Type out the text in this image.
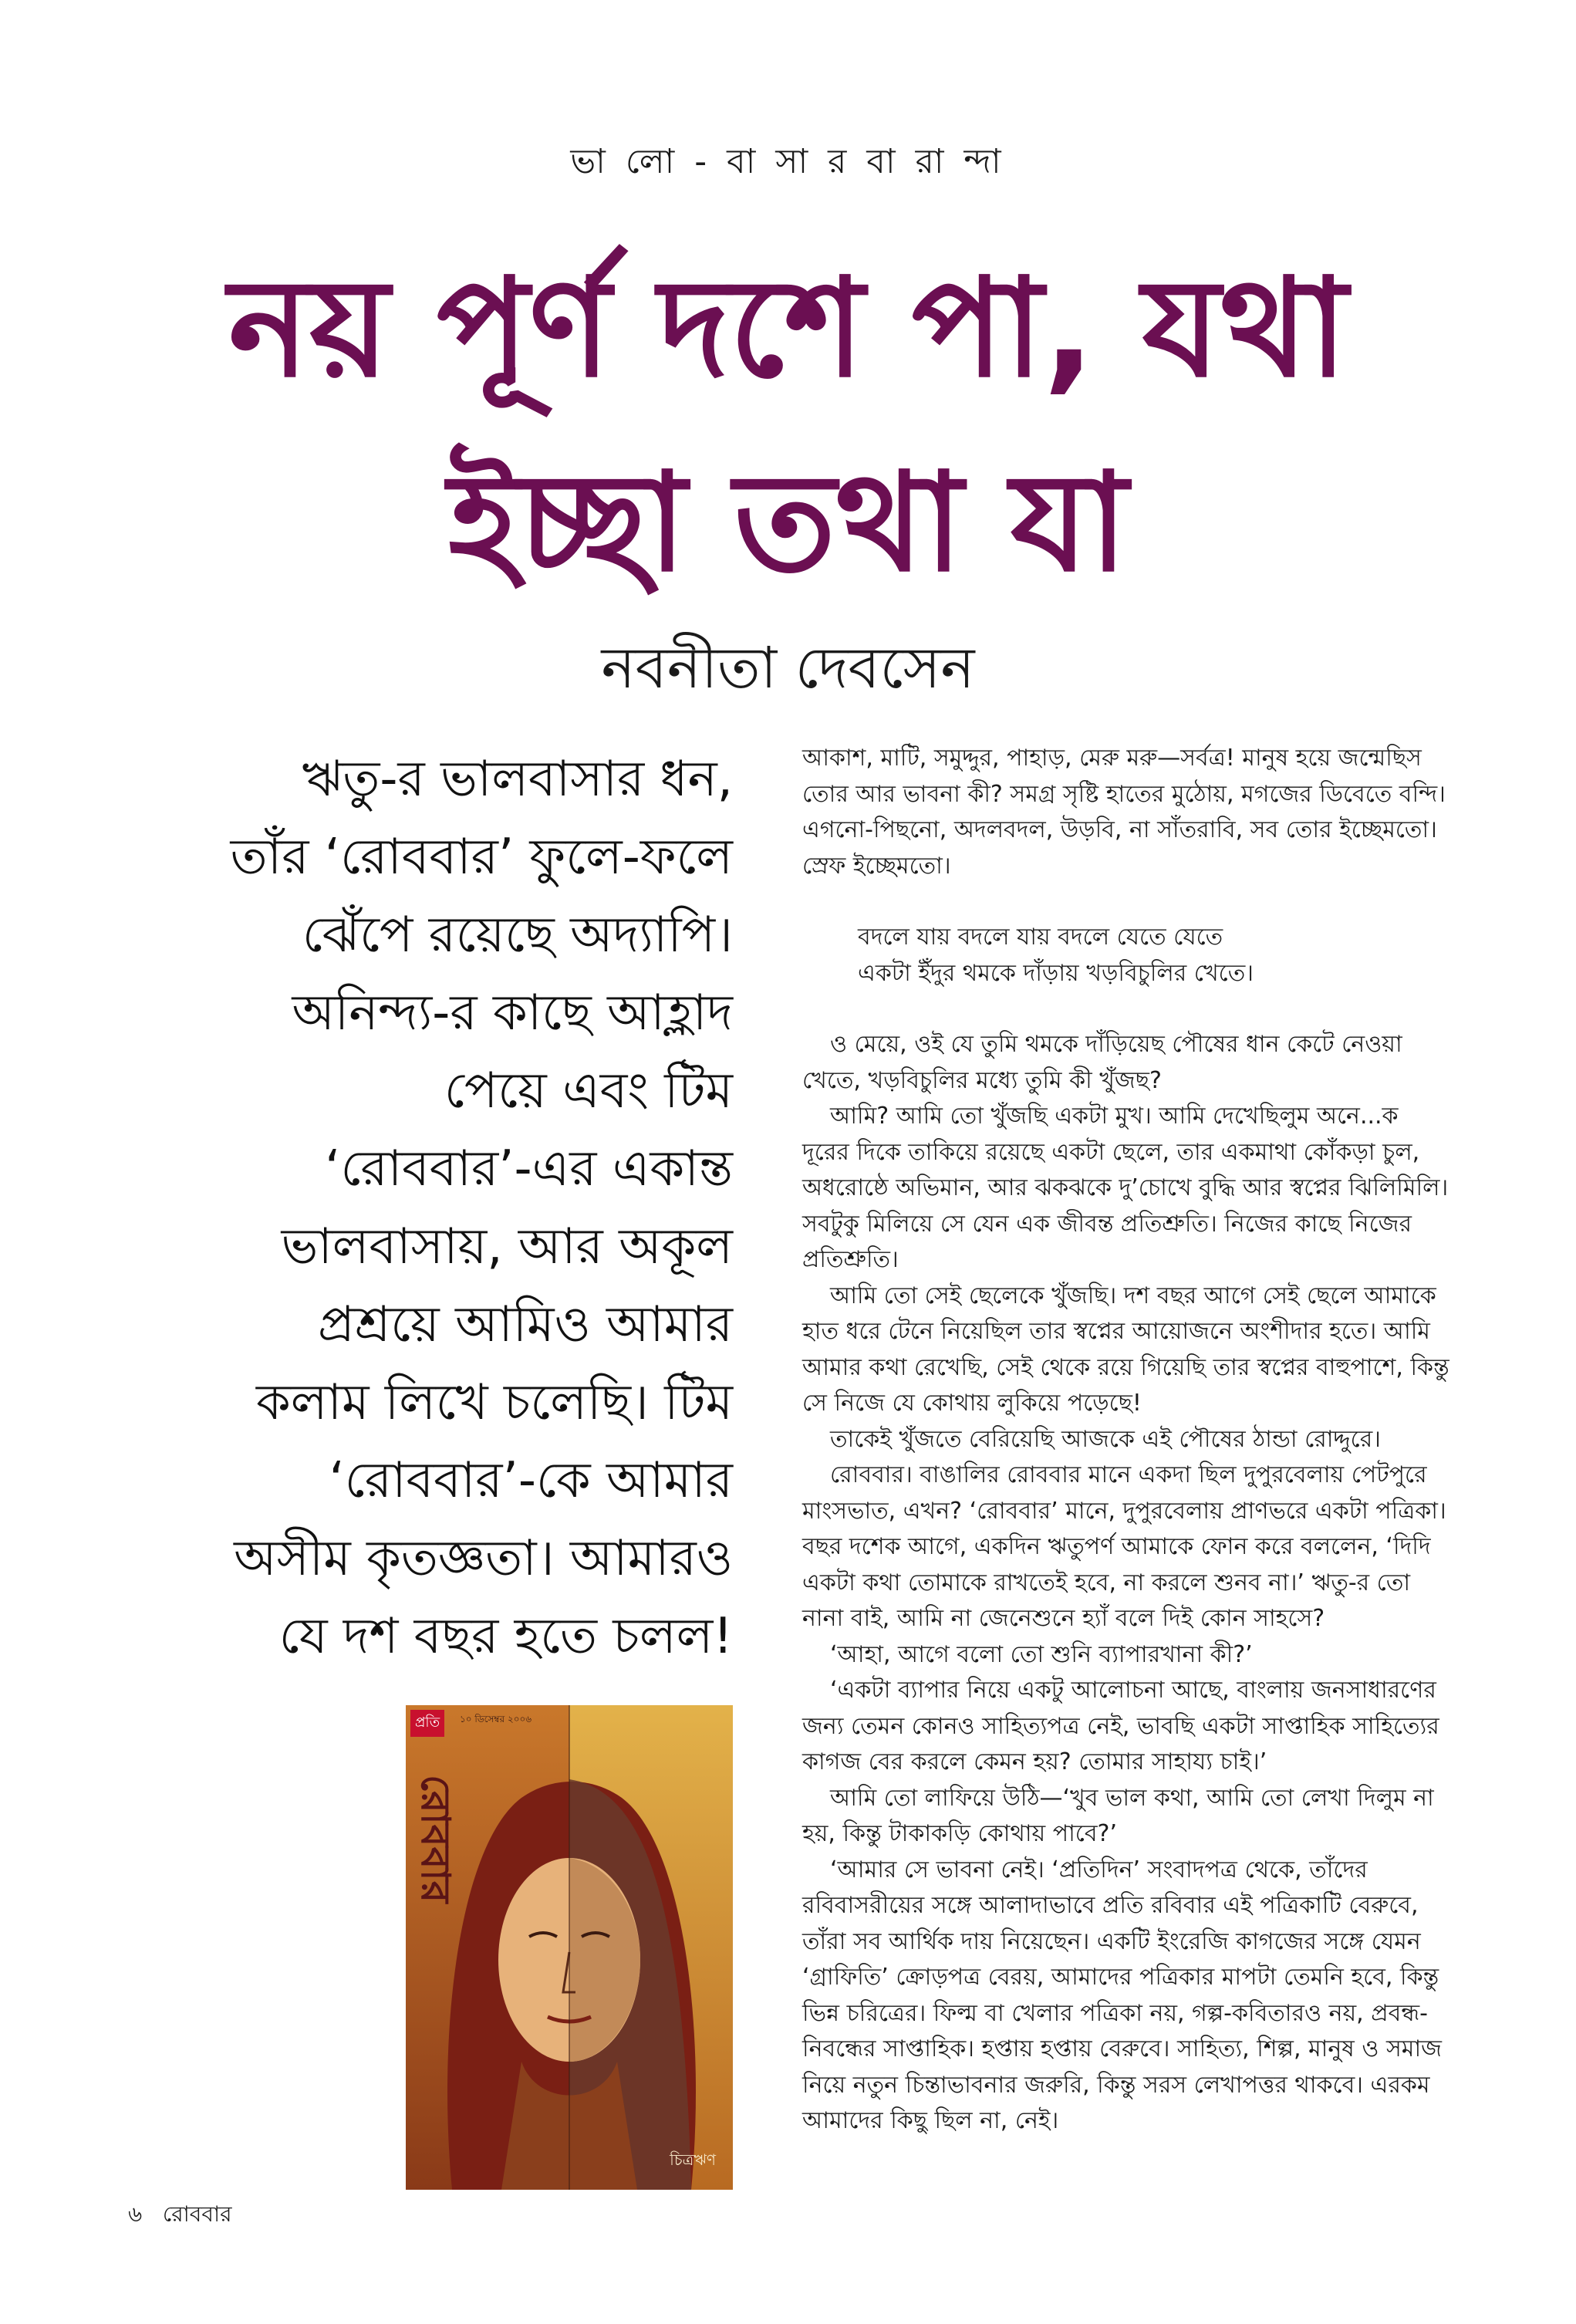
ভা লো - বা সা র বা রা ন্দা
নয় পূর্ণ দশে পা, যথা
ইচ্ছা তথা যা
নবনীতা দেবসেন

ঋতু-র ভালবাসার ধন,
তাঁর ‘রোববার’ ফুলে-ফলে
ঝেঁপে রয়েছে অদ্যাপি।
অনিন্দ্য-র কাছে আহ্লাদ
পেয়ে এবং টিম
‘রোববার’-এর একান্ত
ভালবাসায়, আর অকূল
প্রশ্রয়ে আমিও আমার
কলাম লিখে চলেছি। টিম
‘রোববার’-কে আমার
অসীম কৃতজ্ঞতা। আমারও
যে দশ বছর হতে চলল!

প্রতি	১০ ডিসেম্বর ২০০৬
রোববার
চিত্রঋণ

আকাশ, মাটি, সমুদ্দুর, পাহাড়, মেরু মরু—সর্বত্র! মানুষ হয়ে জন্মেছিস তোর আর ভাবনা কী? সমগ্র সৃষ্টি হাতের মুঠোয়, মগজের ডিবেতে বন্দি। এগনো-পিছনো, অদলবদল, উড়বি, না সাঁতরাবি, সব তোর ইচ্ছেমতো। স্রেফ ইচ্ছেমতো।

বদলে যায় বদলে যায় বদলে যেতে যেতে

একটা ইঁদুর থমকে দাঁড়ায় খড়বিচুলির খেতে।

ও মেয়ে, ওই যে তুমি থমকে দাঁড়িয়েছ পৌষের ধান কেটে নেওয়া খেতে, খড়বিচুলির মধ্যে তুমি কী খুঁজছ?

আমি? আমি তো খুঁজছি একটা মুখ। আমি দেখেছিলুম অনে...ক দূরের দিকে তাকিয়ে রয়েছে একটা ছেলে, তার একমাথা কোঁকড়া চুল, অধরোষ্ঠে অভিমান, আর ঝকঝকে দু’চোখে বুদ্ধি আর স্বপ্নের ঝিলিমিলি। সবটুকু মিলিয়ে সে যেন এক জীবন্ত প্রতিশ্রুতি। নিজের কাছে নিজের প্রতিশ্রুতি।

আমি তো সেই ছেলেকে খুঁজছি। দশ বছর আগে সেই ছেলে আমাকে হাত ধরে টেনে নিয়েছিল তার স্বপ্নের আয়োজনে অংশীদার হতে। আমি আমার কথা রেখেছি, সেই থেকে রয়ে গিয়েছি তার স্বপ্নের বাহুপাশে, কিন্তু সে নিজে যে কোথায় লুকিয়ে পড়েছে!

তাকেই খুঁজতে বেরিয়েছি আজকে এই পৌষের ঠান্ডা রোদ্দুরে।

রোববার। বাঙালির রোববার মানে একদা ছিল দুপুরবেলায় পেটপুরে মাংসভাত, এখন? ‘রোববার’ মানে, দুপুরবেলায় প্রাণভরে একটা পত্রিকা। বছর দশেক আগে, একদিন ঋতুপর্ণ আমাকে ফোন করে বললেন, ‘দিদি একটা কথা তোমাকে রাখতেই হবে, না করলে শুনব না।’ ঋতু-র তো নানা বাই, আমি না জেনেশুনে হ্যাঁ বলে দিই কোন সাহসে?

‘আহা, আগে বলো তো শুনি ব্যাপারখানা কী?’

‘একটা ব্যাপার নিয়ে একটু আলোচনা আছে, বাংলায় জনসাধারণের জন্য তেমন কোনও সাহিত্যপত্র নেই, ভাবছি একটা সাপ্তাহিক সাহিত্যের কাগজ বের করলে কেমন হয়? তোমার সাহায্য চাই।’

আমি তো লাফিয়ে উঠি—‘খুব ভাল কথা, আমি তো লেখা দিলুম না হয়, কিন্তু টাকাকড়ি কোথায় পাবে?’

‘আমার সে ভাবনা নেই। ‘প্রতিদিন’ সংবাদপত্র থেকে, তাঁদের রবিবাসরীয়ের সঙ্গে আলাদাভাবে প্রতি রবিবার এই পত্রিকাটি বেরুবে, তাঁরা সব আর্থিক দায় নিয়েছেন। একটি ইংরেজি কাগজের সঙ্গে যেমন ‘গ্রাফিতি’ ক্রোড়পত্র বেরয়, আমাদের পত্রিকার মাপটা তেমনি হবে, কিন্তু ভিন্ন চরিত্রের। ফিল্ম বা খেলার পত্রিকা নয়, গল্প-কবিতারও নয়, প্রবন্ধ-নিবন্ধের সাপ্তাহিক। হপ্তায় হপ্তায় বেরুবে। সাহিত্য, শিল্প, মানুষ ও সমাজ নিয়ে নতুন চিন্তাভাবনার জরুরি, কিন্তু সরস লেখাপত্তর থাকবে। এরকম আমাদের কিছু ছিল না, নেই।

৬ রোববার
